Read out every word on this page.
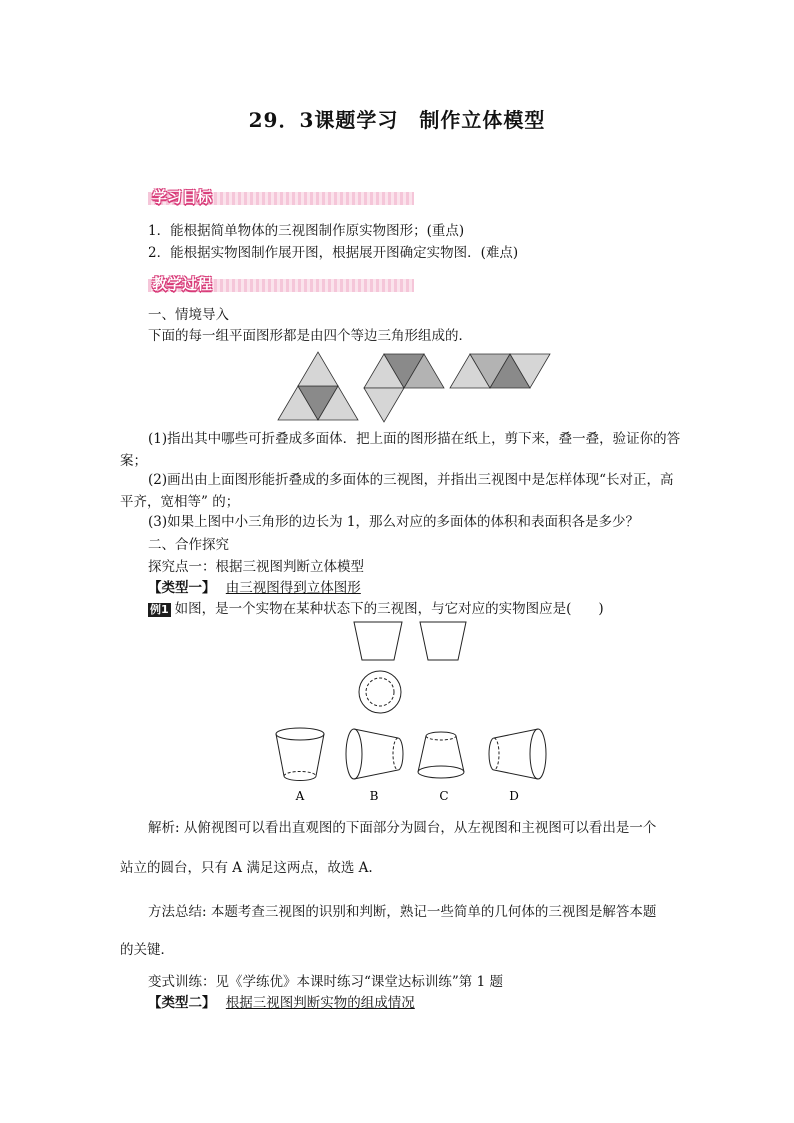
29．3课题学习　制作立体模型
学习目标
1．能根据简单物体的三视图制作原实物图形；(重点)
2．能根据实物图制作展开图，根据展开图确定实物图．(难点)
教学过程
一、情境导入
下面的每一组平面图形都是由四个等边三角形组成的．
(1)指出其中哪些可折叠成多面体．把上面的图形描在纸上，剪下来，叠一叠，验证你的答案；
(2)画出由上面图形能折叠成的多面体的三视图，并指出三视图中是怎样体现“长对正，高平齐，宽相等” 的；
(3)如果上图中小三角形的边长为 1，那么对应的多面体的体积和表面积各是多少？
二、合作探究
探究点一：根据三视图判断立体模型
【类型一】 由三视图得到立体图形
例1 如图，是一个实物在某种状态下的三视图，与它对应的实物图应是(　　)
A	B	C	D
解析: 从俯视图可以看出直观图的下面部分为圆台，从左视图和主视图可以看出是一个
站立的圆台，只有 A 满足这两点，故选 A.
方法总结: 本题考查三视图的识别和判断，熟记一些简单的几何体的三视图是解答本题
的关键．
变式训练：见《学练优》本课时练习“课堂达标训练”第 1 题
【类型二】 根据三视图判断实物的组成情况
